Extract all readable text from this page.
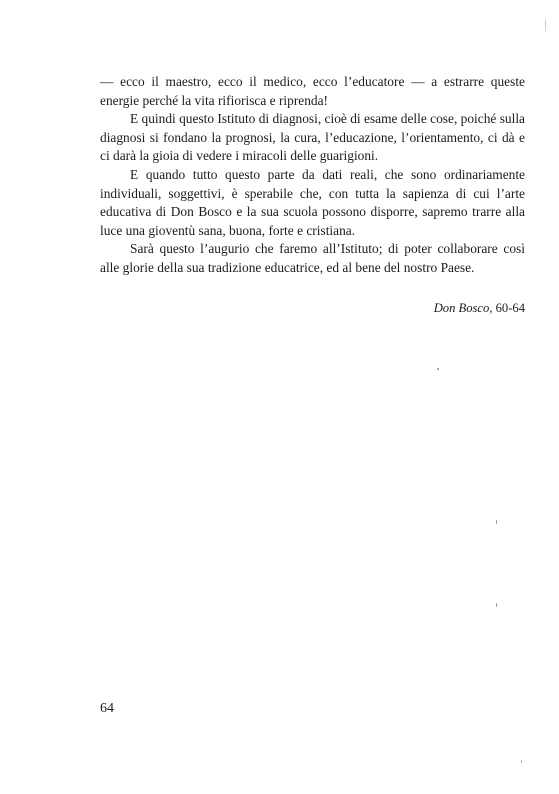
— ecco il maestro, ecco il medico, ecco l’educatore — a estrarre queste energie perché la vita rifiorisca e riprenda!

E quindi questo Istituto di diagnosi, cioè di esame delle cose, poiché sulla diagnosi si fondano la prognosi, la cura, l’educazione, l’orientamento, ci dà e ci darà la gioia di vedere i miracoli delle guarigioni.

E quando tutto questo parte da dati reali, che sono ordinariamente individuali, soggettivi, è sperabile che, con tutta la sapienza di cui l’arte educativa di Don Bosco e la sua scuola possono disporre, sapremo trarre alla luce una gioventù sana, buona, forte e cristiana.

Sarà questo l’augurio che faremo all’Istituto; di poter collaborare così alle glorie della sua tradizione educatrice, ed al bene del nostro Paese.

Don Bosco, 60-64
64
